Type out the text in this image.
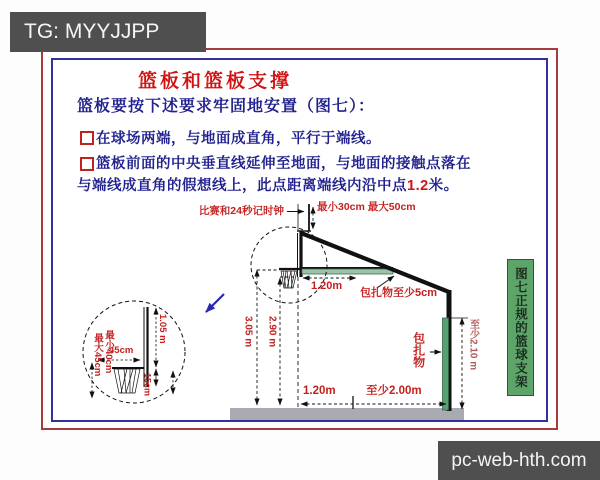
篮板和篮板支撑
篮板要按下述要求牢固地安置（图七）：
在球场两端，与地面成直角，平行于端线。
篮板前面的中央垂直线延伸至地面，与地面的接触点落在
与端线成直角的假想线上，此点距离端线内沿中点1.2米。
比赛和24秒记时钟	最小30cm 最大50cm
1.20m
包扎物至少5cm
3.05 m 2.90 m
包扎物	至少2.10 m
1.20m	至少2.00m
1.05 m
45cm
最小40cm
最大45cm
15cm	图七正规的篮球支架
TG: MYYJJPP
pc-web-hth.com
